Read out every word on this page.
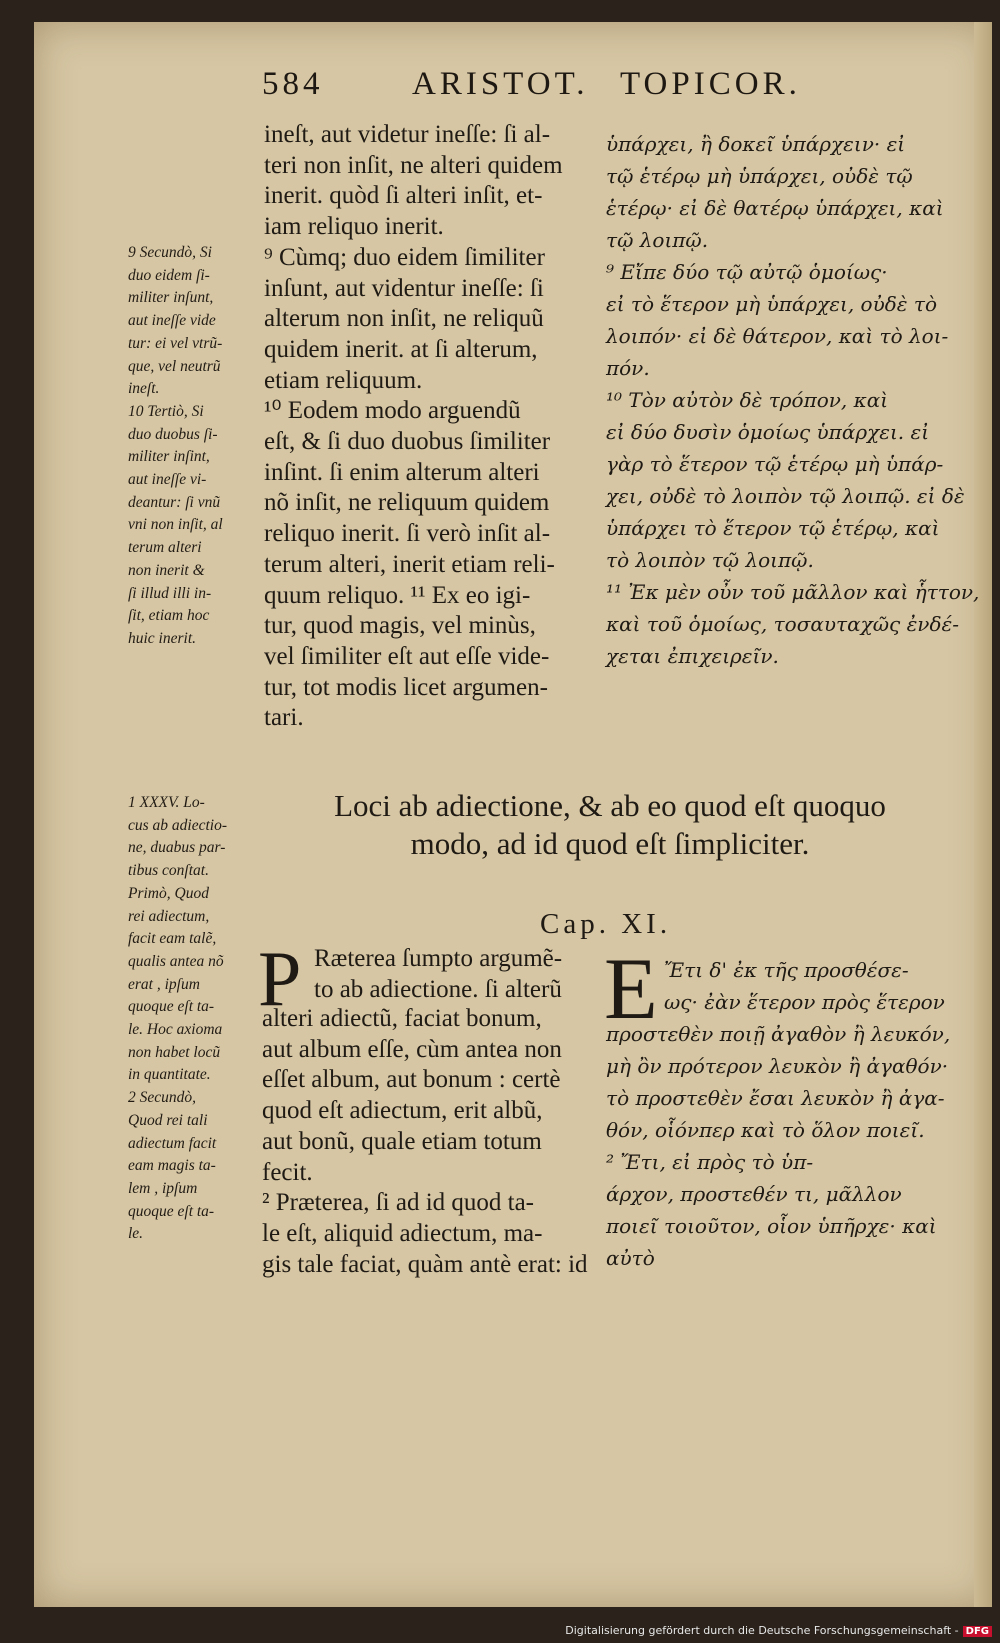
584	ARISTOT. TOPICOR.
ineſt, aut videtur ineſſe: ſi al-
teri non inſit, ne alteri quidem
inerit. quòd ſi alteri inſit, et-
iam reliquo inerit.
⁹ Cùmq; duo eidem ſimiliter
inſunt, aut videntur ineſſe: ſi
alterum non inſit, ne reliquũ
quidem inerit. at ſi alterum,
etiam reliquum.
¹⁰ Eodem modo arguendũ
eſt, & ſi duo duobus ſimiliter
inſint. ſi enim alterum alteri
nõ inſit, ne reliquum quidem
reliquo inerit. ſi verò inſit al-
terum alteri, inerit etiam reli-
quum reliquo. ¹¹ Ex eo igi-
tur, quod magis, vel minùs,
vel ſimiliter eſt aut eſſe vide-
tur, tot modis licet argumen-
tari.
9 Secundò, Si
duo eidem ſi-
militer inſunt,
aut ineſſe vide
tur: ei vel vtrũ-
que, vel neutrũ
ineſt.
10 Tertiò, Si
duo duobus ſi-
militer inſint,
aut ineſſe vi-
deantur: ſi vnũ
vni non inſit, al
terum alteri
non inerit &
ſi illud illi in-
ſit, etiam hoc
huic inerit.
ὑπάρχει, ἢ δοκεῖ ὑπάρχειν· εἰ
τῷ ἑτέρῳ μὴ ὑπάρχει, οὐδὲ τῷ
ἑτέρῳ· εἰ δὲ θατέρῳ ὑπάρχει, καὶ
τῷ λοιπῷ.
⁹ Εἴπε δύο τῷ αὐτῷ ὁμοίως·
εἰ τὸ ἕτερον μὴ ὑπάρχει, οὐδὲ τὸ
λοιπόν· εἰ δὲ θάτερον, καὶ τὸ λοι-
πόν.
¹⁰ Τὸν αὐτὸν δὲ τρόπον, καὶ
εἰ δύο δυσὶν ὁμοίως ὑπάρχει. εἰ
γὰρ τὸ ἕτερον τῷ ἑτέρῳ μὴ ὑπάρ-
χει, οὐδὲ τὸ λοιπὸν τῷ λοιπῷ. εἰ δὲ
ὑπάρχει τὸ ἕτερον τῷ ἑτέρῳ, καὶ
τὸ λοιπὸν τῷ λοιπῷ.
¹¹ Ἐκ μὲν οὖν τοῦ μᾶλλον καὶ ἧττον,
καὶ τοῦ ὁμοίως, τοσαυταχῶς ἐνδέ-
χεται ἐπιχειρεῖν.
Loci ab adiectione, & ab eo quod eſt quoquo
modo, ad id quod eſt ſimpliciter.
Cap. XI.
1 XXXV. Lo-
cus ab adiectio-
ne, duabus par-
tibus conſtat.
Primò, Quod
rei adiectum,
facit eam talẽ,
qualis antea nõ
erat , ipſum
quoque eſt ta-
le. Hoc axioma
non habet locũ
in quantitate.
2 Secundò,
Quod rei tali
adiectum facit
eam magis ta-
lem , ipſum
quoque eſt ta-
le.
P Ræterea ſumpto argumẽ-
to ab adiectione. ſi alterũ
alteri adiectũ, faciat bonum,
aut album eſſe, cùm antea non
eſſet album, aut bonum : certè
quod eſt adiectum, erit albũ,
aut bonũ, quale etiam totum
fecit.
² Præterea, ſi ad id quod ta-
le eſt, aliquid adiectum, ma-
gis tale faciat, quàm antè erat: id
E Ἔτι δ' ἐκ τῆς προσθέσε-
ως· ἐὰν ἕτερον πρὸς ἕτερον
προστεθὲν ποιῇ ἀγαθὸν ἢ λευκόν,
μὴ ὂν πρότερον λευκὸν ἢ ἀγαθόν·
τὸ προστεθὲν ἔσαι λευκὸν ἢ ἀγα-
θόν, οἷόνπερ καὶ τὸ ὅλον ποιεῖ.
² Ἔτι, εἰ πρὸς τὸ ὑπ-
άρχον, προστεθέν τι, μᾶλλον
ποιεῖ τοιοῦτον, οἷον ὑπῆρχε· καὶ
αὐτὸ
Digitalisierung gefördert durch die Deutsche Forschungsgemeinschaft - DFG
